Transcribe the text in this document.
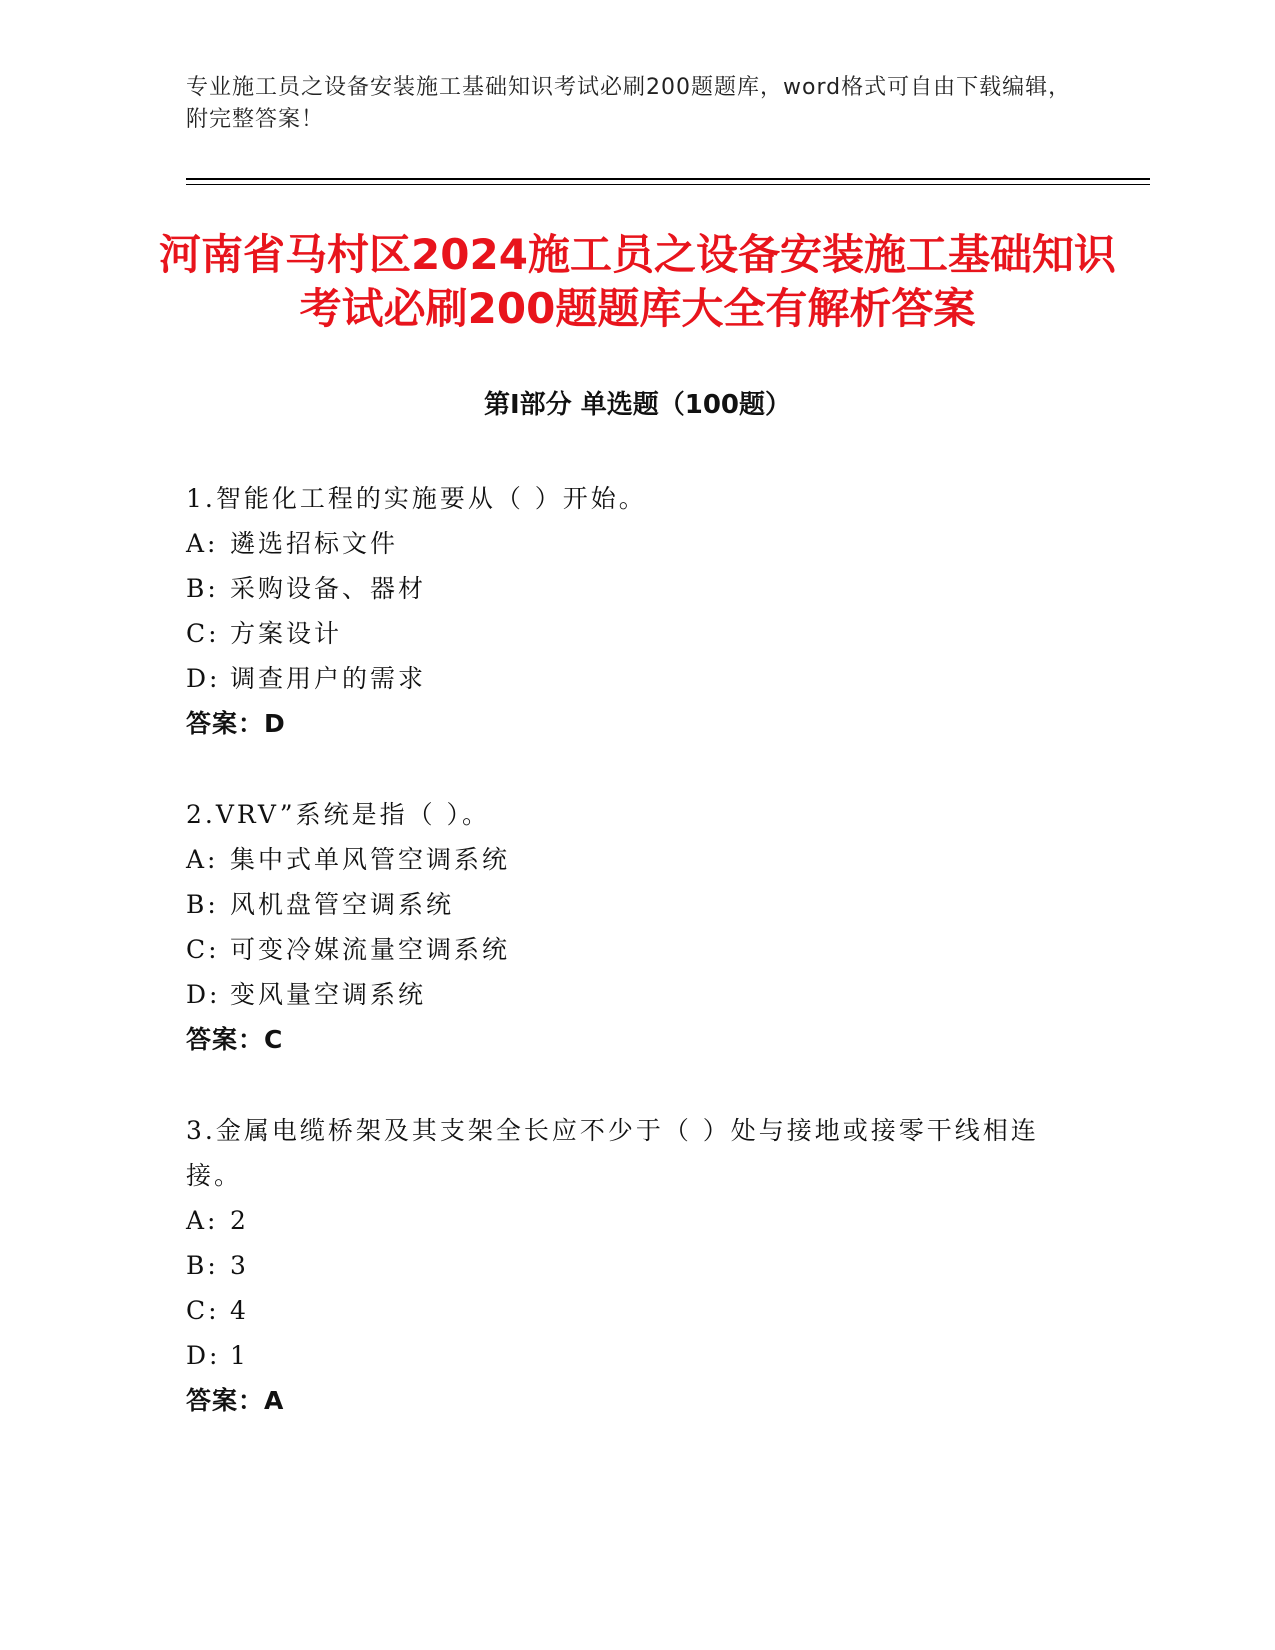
专业施工员之设备安装施工基础知识考试必刷200题题库，word格式可自由下载编辑，附完整答案！
河南省马村区2024施工员之设备安装施工基础知识考试必刷200题题库大全有解析答案
第I部分 单选题（100题）
1.智能化工程的实施要从（ ）开始。
A: 遴选招标文件
B: 采购设备、器材
C: 方案设计
D: 调查用户的需求
答案：D
2.VRV”系统是指（ ）。
A: 集中式单风管空调系统
B: 风机盘管空调系统
C: 可变冷媒流量空调系统
D: 变风量空调系统
答案：C
3.金属电缆桥架及其支架全长应不少于（ ）处与接地或接零干线相连接。
A: 2
B: 3
C: 4
D: 1
答案：A
